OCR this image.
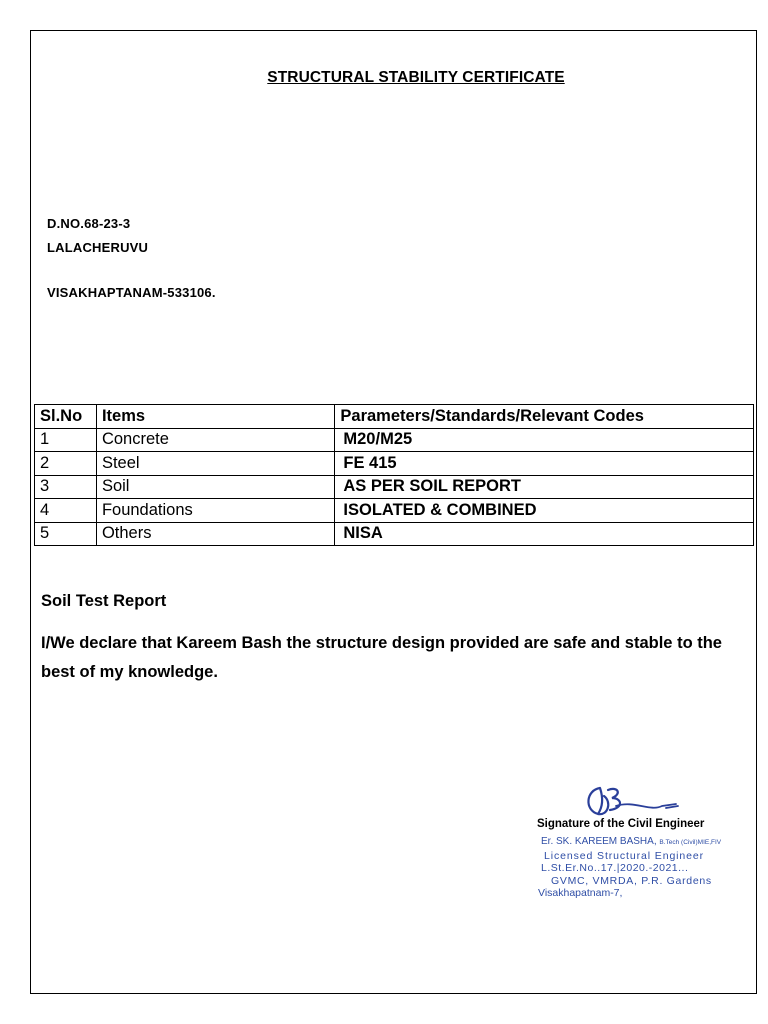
STRUCTURAL STABILITY CERTIFICATE
D.NO.68-23-3
LALACHERUVU
VISAKHAPTANAM-533106.
Sl.No	Items	Parameters/Standards/Relevant Codes
1	Concrete	M20/M25
2	Steel	FE 415
3	Soil	AS PER SOIL REPORT
4	Foundations	ISOLATED & COMBINED
5	Others	NISA
Soil Test Report
I/We declare that Kareem Bash the structure design provided are safe and stable to the best of my knowledge.
Signature of the Civil Engineer
Er. SK. KAREEM BASHA, B.Tech (Civil)MIE,FIV
Licensed Structural Engineer
L.St.Er.No..17.|2020.-2021...
GVMC, VMRDA, P.R. Gardens
Visakhapatnam-7,
